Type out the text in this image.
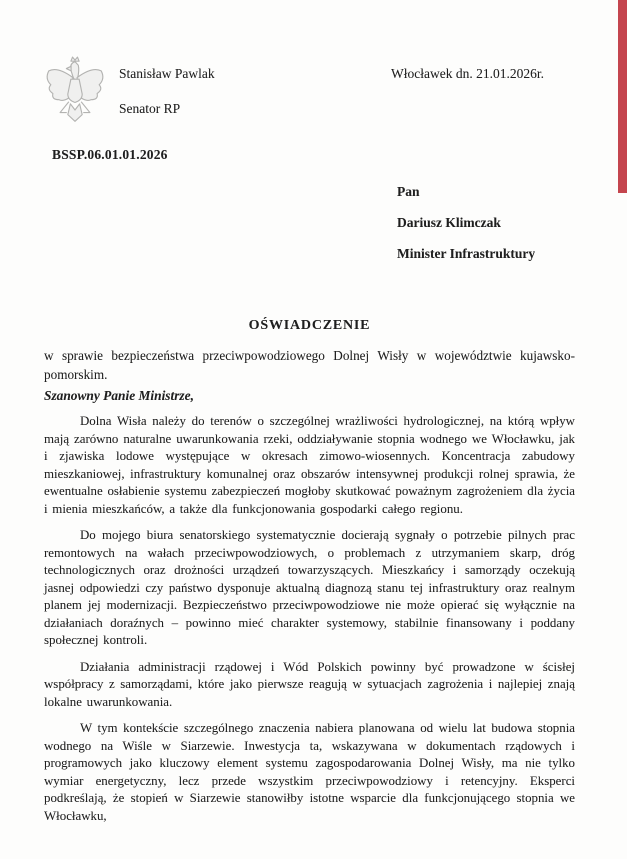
Stanisław Pawlak
Senator RP
Włocławek dn. 21.01.2026r.
BSSP.06.01.01.2026
Pan
Dariusz Klimczak
Minister Infrastruktury
OŚWIADCZENIE
w sprawie bezpieczeństwa przeciwpowodziowego Dolnej Wisły w województwie kujawsko-pomorskim.
Szanowny Panie Ministrze,

Dolna Wisła należy do terenów o szczególnej wrażliwości hydrologicznej, na którą wpływ mają zarówno naturalne uwarunkowania rzeki, oddziaływanie stopnia wodnego we Włocławku, jak i zjawiska lodowe występujące w okresach zimowo-wiosennych. Koncentracja zabudowy mieszkaniowej, infrastruktury komunalnej oraz obszarów intensywnej produkcji rolnej sprawia, że ewentualne osłabienie systemu zabezpieczeń mogłoby skutkować poważnym zagrożeniem dla życia i mienia mieszkańców, a także dla funkcjonowania gospodarki całego regionu.

Do mojego biura senatorskiego systematycznie docierają sygnały o potrzebie pilnych prac remontowych na wałach przeciwpowodziowych, o problemach z utrzymaniem skarp, dróg technologicznych oraz drożności urządzeń towarzyszących. Mieszkańcy i samorządy oczekują jasnej odpowiedzi czy państwo dysponuje aktualną diagnozą stanu tej infrastruktury oraz realnym planem jej modernizacji. Bezpieczeństwo przeciwpowodziowe nie może opierać się wyłącznie na działaniach doraźnych – powinno mieć charakter systemowy, stabilnie finansowany i poddany społecznej kontroli.

Działania administracji rządowej i Wód Polskich powinny być prowadzone w ścisłej współpracy z samorządami, które jako pierwsze reagują w sytuacjach zagrożenia i najlepiej znają lokalne uwarunkowania.

W tym kontekście szczególnego znaczenia nabiera planowana od wielu lat budowa stopnia wodnego na Wiśle w Siarzewie. Inwestycja ta, wskazywana w dokumentach rządowych i programowych jako kluczowy element systemu zagospodarowania Dolnej Wisły, ma nie tylko wymiar energetyczny, lecz przede wszystkim przeciwpowodziowy i retencyjny. Eksperci podkreślają, że stopień w Siarzewie stanowiłby istotne wsparcie dla funkcjonującego stopnia we Włocławku,
